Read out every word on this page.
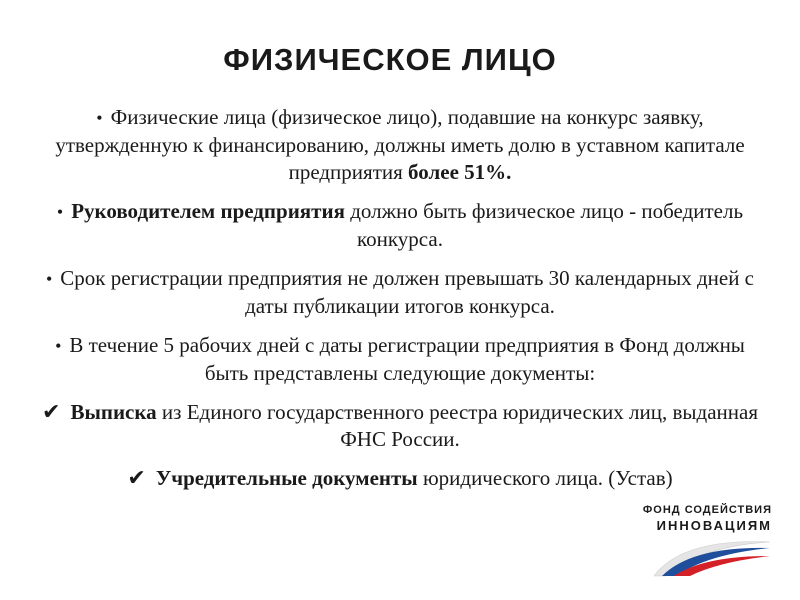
ФИЗИЧЕСКОЕ ЛИЦО
• Физические лица (физическое лицо), подавшие на конкурс заявку, утвержденную к финансированию, должны иметь долю в уставном капитале предприятия более 51%.
• Руководителем предприятия должно быть физическое лицо - победитель конкурса.
• Срок регистрации предприятия не должен превышать 30 календарных дней с даты публикации итогов конкурса.
• В течение 5 рабочих дней с даты регистрации предприятия в Фонд должны быть представлены следующие документы:
✔ Выписка из Единого государственного реестра юридических лиц, выданная ФНС России.
✔ Учредительные документы юридического лица. (Устав)
ФОНД СОДЕЙСТВИЯ
ИННОВАЦИЯМ
